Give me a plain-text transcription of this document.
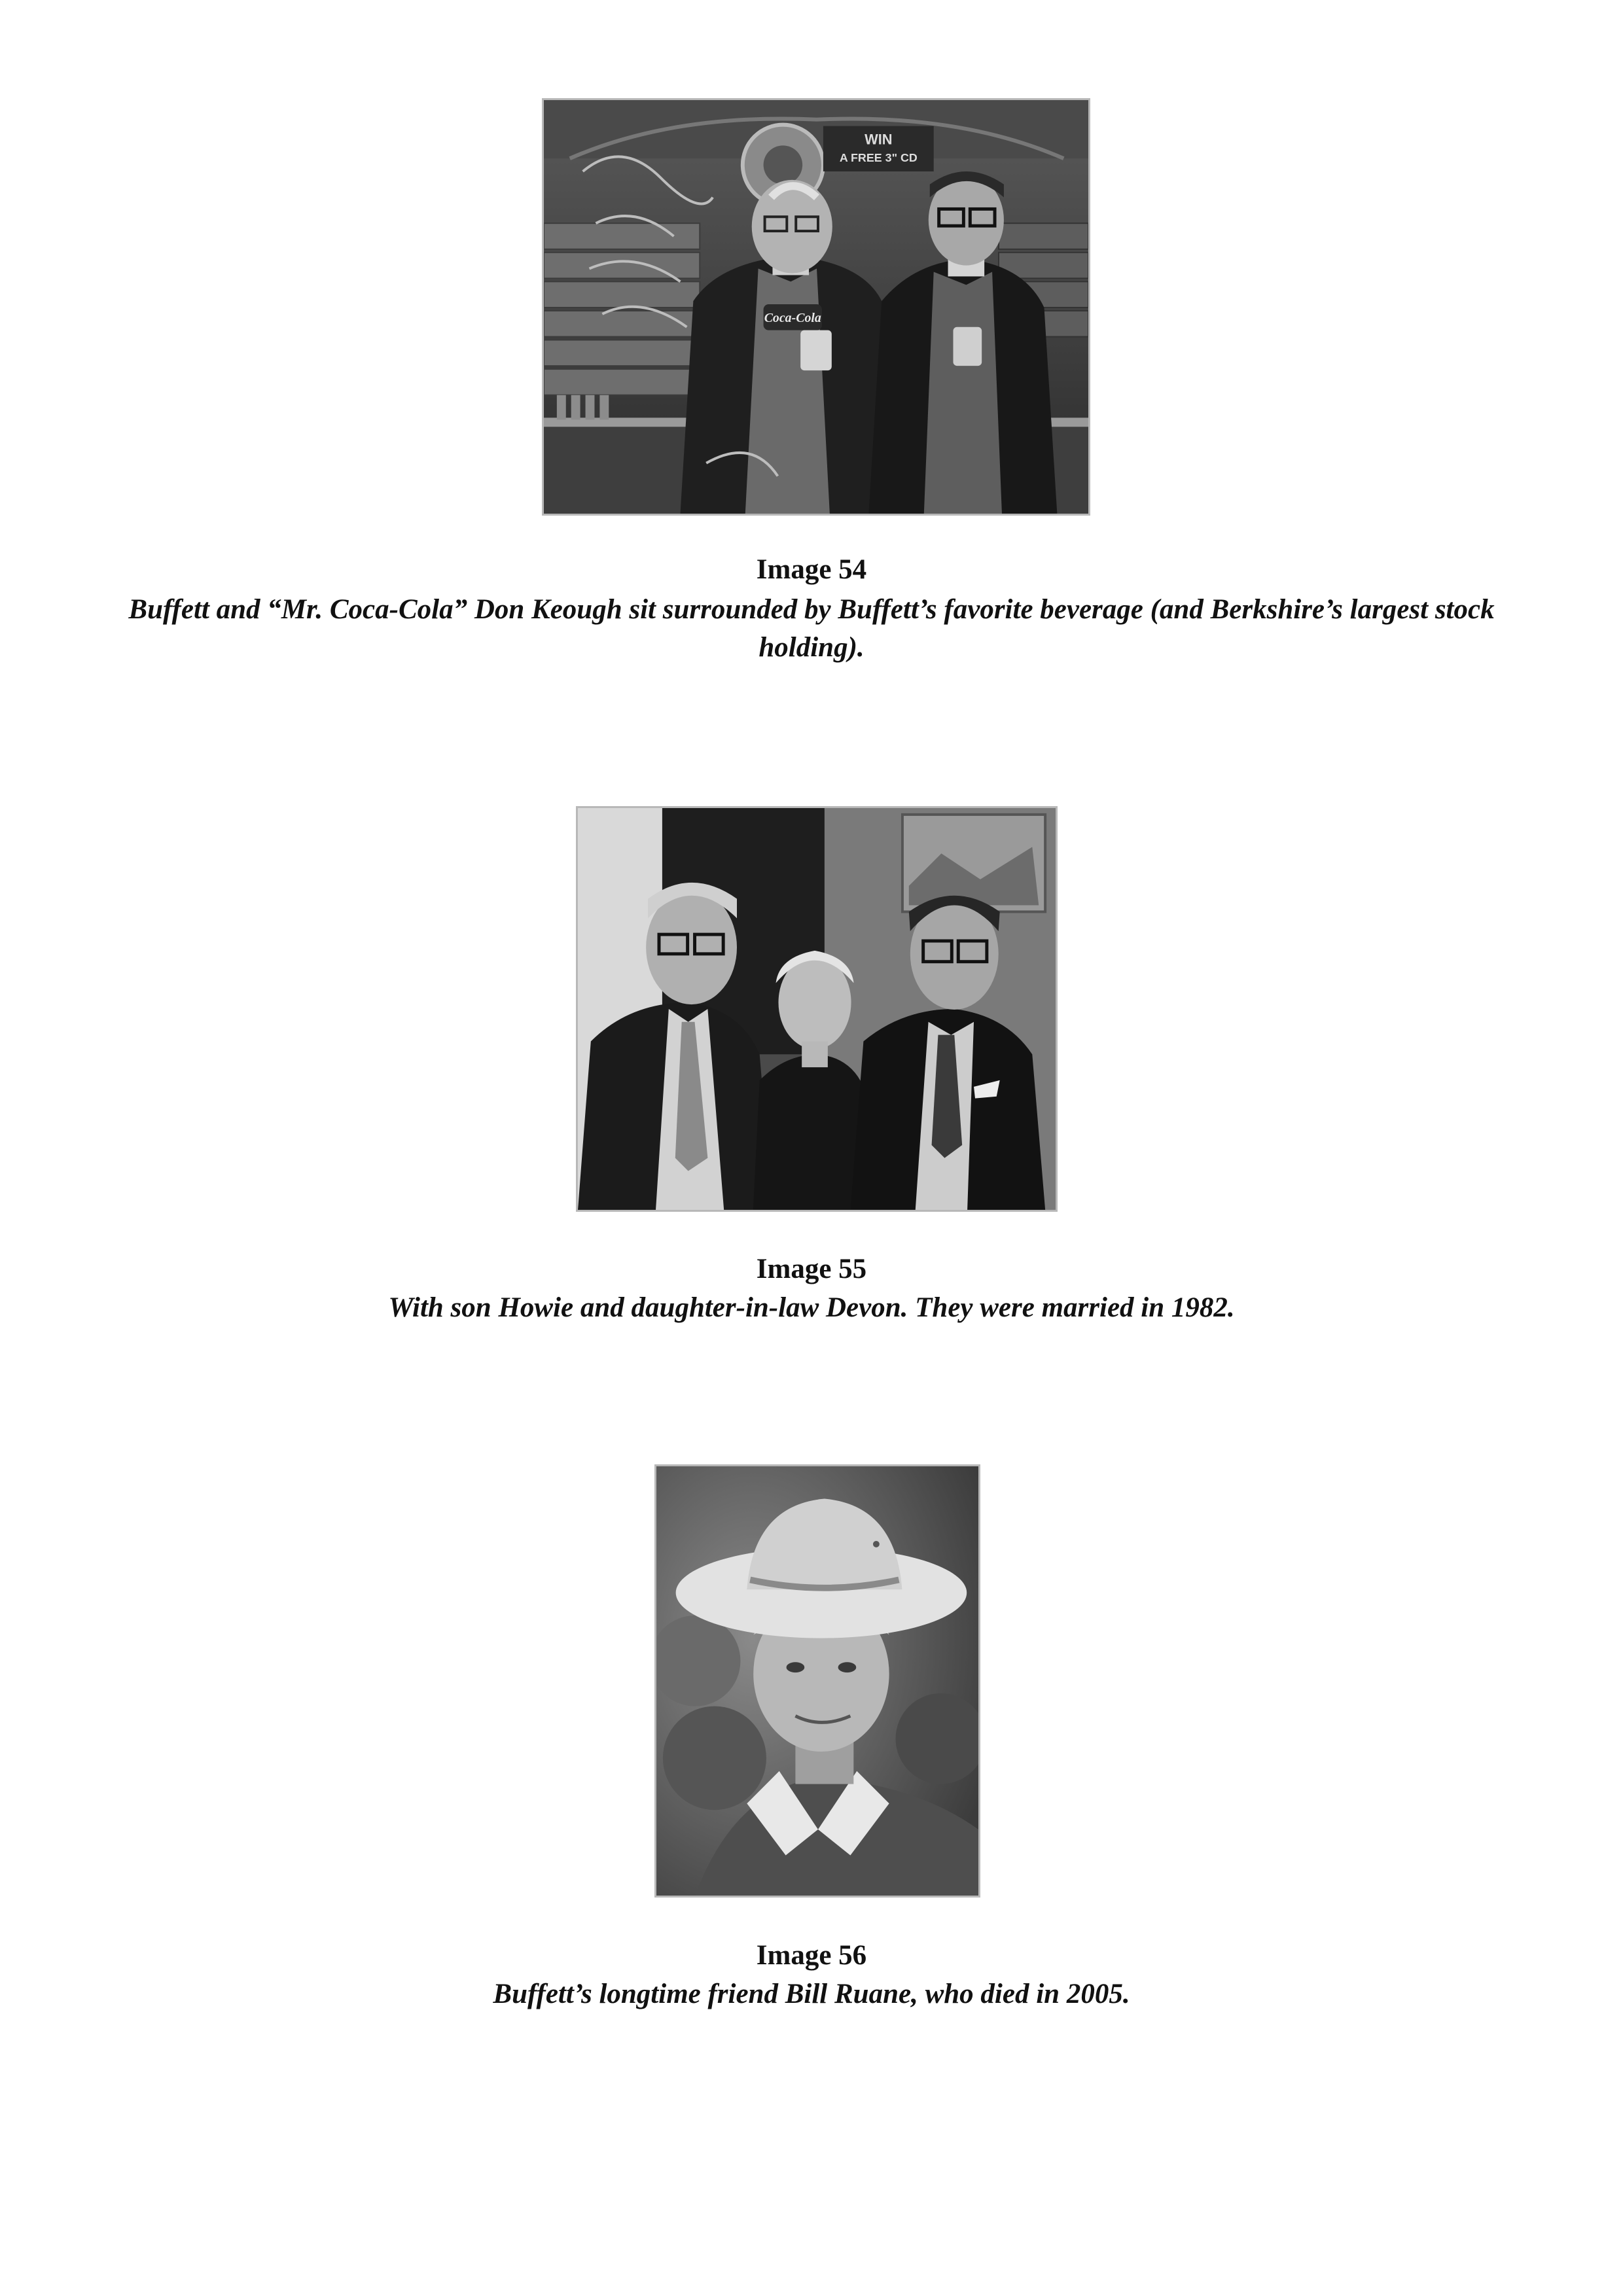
WIN
A FREE 3" CD
Coca-Cola

Image 54

Buffett and “Mr. Coca-Cola” Don Keough sit surrounded by Buffett’s favorite beverage (and Berkshire’s largest stock holding).

Image 55

With son Howie and daughter-in-law Devon. They were married in 1982.

Image 56

Buffett’s longtime friend Bill Ruane, who died in 2005.
